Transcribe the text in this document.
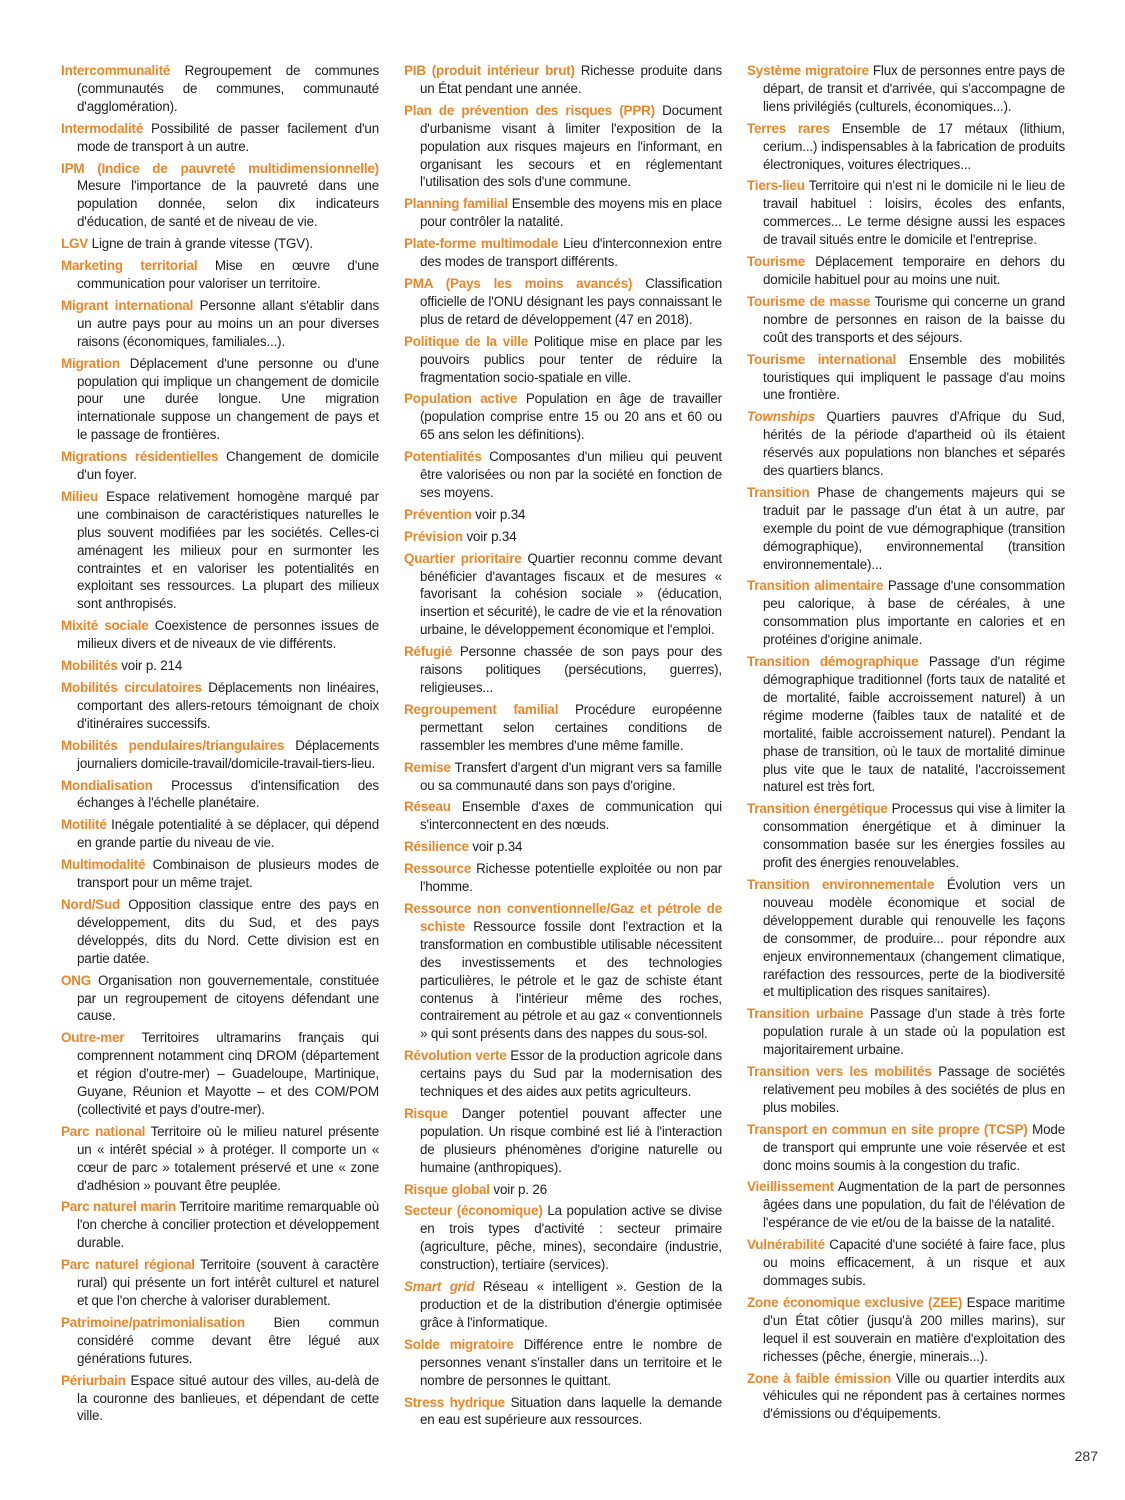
Intercommunalité Regroupement de communes (communautés de communes, communauté d'agglomération).

Intermodalité Possibilité de passer facilement d'un mode de transport à un autre.

IPM (Indice de pauvreté multidimensionnelle) Mesure l'importance de la pauvreté dans une population donnée, selon dix indicateurs d'éducation, de santé et de niveau de vie.

LGV Ligne de train à grande vitesse (TGV).

Marketing territorial Mise en œuvre d'une communication pour valoriser un territoire.

Migrant international Personne allant s'établir dans un autre pays pour au moins un an pour diverses raisons (économiques, familiales...).

Migration Déplacement d'une personne ou d'une population qui implique un changement de domicile pour une durée longue. Une migration internationale suppose un changement de pays et le passage de frontières.

Migrations résidentielles Changement de domicile d'un foyer.

Milieu Espace relativement homogène marqué par une combinaison de caractéristiques naturelles le plus souvent modifiées par les sociétés. Celles-ci aménagent les milieux pour en surmonter les contraintes et en valoriser les potentialités en exploitant ses ressources. La plupart des milieux sont anthropisés.

Mixité sociale Coexistence de personnes issues de milieux divers et de niveaux de vie différents.

Mobilités voir p. 214

Mobilités circulatoires Déplacements non linéaires, comportant des allers-retours témoignant de choix d'itinéraires successifs.

Mobilités pendulaires/triangulaires Déplacements journaliers domicile-travail/domicile-travail-tiers-lieu.

Mondialisation Processus d'intensification des échanges à l'échelle planétaire.

Motilité Inégale potentialité à se déplacer, qui dépend en grande partie du niveau de vie.

Multimodalité Combinaison de plusieurs modes de transport pour un même trajet.

Nord/Sud Opposition classique entre des pays en développement, dits du Sud, et des pays développés, dits du Nord. Cette division est en partie datée.

ONG Organisation non gouvernementale, constituée par un regroupement de citoyens défendant une cause.

Outre-mer Territoires ultramarins français qui comprennent notamment cinq DROM (département et région d'outre-mer) – Guadeloupe, Martinique, Guyane, Réunion et Mayotte – et des COM/POM (collectivité et pays d'outre-mer).

Parc national Territoire où le milieu naturel présente un « intérêt spécial » à protéger. Il comporte un « cœur de parc » totalement préservé et une « zone d'adhésion » pouvant être peuplée.

Parc naturel marin Territoire maritime remarquable où l'on cherche à concilier protection et développement durable.

Parc naturel régional Territoire (souvent à caractère rural) qui présente un fort intérêt culturel et naturel et que l'on cherche à valoriser durablement.

Patrimoine/patrimonialisation Bien commun considéré comme devant être légué aux générations futures.

Périurbain Espace situé autour des villes, au-delà de la couronne des banlieues, et dépendant de cette ville.

PIB (produit intérieur brut) Richesse produite dans un État pendant une année.

Plan de prévention des risques (PPR) Document d'urbanisme visant à limiter l'exposition de la population aux risques majeurs en l'informant, en organisant les secours et en réglementant l'utilisation des sols d'une commune.

Planning familial Ensemble des moyens mis en place pour contrôler la natalité.

Plate-forme multimodale Lieu d'interconnexion entre des modes de transport différents.

PMA (Pays les moins avancés) Classification officielle de l'ONU désignant les pays connaissant le plus de retard de développement (47 en 2018).

Politique de la ville Politique mise en place par les pouvoirs publics pour tenter de réduire la fragmentation socio-spatiale en ville.

Population active Population en âge de travailler (population comprise entre 15 ou 20 ans et 60 ou 65 ans selon les définitions).

Potentialités Composantes d'un milieu qui peuvent être valorisées ou non par la société en fonction de ses moyens.

Prévention voir p.34

Prévision voir p.34

Quartier prioritaire Quartier reconnu comme devant bénéficier d'avantages fiscaux et de mesures « favorisant la cohésion sociale » (éducation, insertion et sécurité), le cadre de vie et la rénovation urbaine, le développement économique et l'emploi.

Réfugié Personne chassée de son pays pour des raisons politiques (persécutions, guerres), religieuses...

Regroupement familial Procédure européenne permettant selon certaines conditions de rassembler les membres d'une même famille.

Remise Transfert d'argent d'un migrant vers sa famille ou sa communauté dans son pays d'origine.

Réseau Ensemble d'axes de communication qui s'interconnectent en des nœuds.

Résilience voir p.34

Ressource Richesse potentielle exploitée ou non par l'homme.

Ressource non conventionnelle/Gaz et pétrole de schiste Ressource fossile dont l'extraction et la transformation en combustible utilisable nécessitent des investissements et des technologies particulières, le pétrole et le gaz de schiste étant contenus à l'intérieur même des roches, contrairement au pétrole et au gaz « conventionnels » qui sont présents dans des nappes du sous-sol.

Révolution verte Essor de la production agricole dans certains pays du Sud par la modernisation des techniques et des aides aux petits agriculteurs.

Risque Danger potentiel pouvant affecter une population. Un risque combiné est lié à l'interaction de plusieurs phénomènes d'origine naturelle ou humaine (anthropiques).

Risque global voir p. 26

Secteur (économique) La population active se divise en trois types d'activité : secteur primaire (agriculture, pêche, mines), secondaire (industrie, construction), tertiaire (services).

Smart grid Réseau « intelligent ». Gestion de la production et de la distribution d'énergie optimisée grâce à l'informatique.

Solde migratoire Différence entre le nombre de personnes venant s'installer dans un territoire et le nombre de personnes le quittant.

Stress hydrique Situation dans laquelle la demande en eau est supérieure aux ressources.

Système migratoire Flux de personnes entre pays de départ, de transit et d'arrivée, qui s'accompagne de liens privilégiés (culturels, économiques...).

Terres rares Ensemble de 17 métaux (lithium, cerium...) indispensables à la fabrication de produits électroniques, voitures électriques...

Tiers-lieu Territoire qui n'est ni le domicile ni le lieu de travail habituel : loisirs, écoles des enfants, commerces... Le terme désigne aussi les espaces de travail situés entre le domicile et l'entreprise.

Tourisme Déplacement temporaire en dehors du domicile habituel pour au moins une nuit.

Tourisme de masse Tourisme qui concerne un grand nombre de personnes en raison de la baisse du coût des transports et des séjours.

Tourisme international Ensemble des mobilités touristiques qui impliquent le passage d'au moins une frontière.

Townships Quartiers pauvres d'Afrique du Sud, hérités de la période d'apartheid où ils étaient réservés aux populations non blanches et séparés des quartiers blancs.

Transition Phase de changements majeurs qui se traduit par le passage d'un état à un autre, par exemple du point de vue démographique (transition démographique), environnemental (transition environnementale)...

Transition alimentaire Passage d'une consommation peu calorique, à base de céréales, à une consommation plus importante en calories et en protéines d'origine animale.

Transition démographique Passage d'un régime démographique traditionnel (forts taux de natalité et de mortalité, faible accroissement naturel) à un régime moderne (faibles taux de natalité et de mortalité, faible accroissement naturel). Pendant la phase de transition, où le taux de mortalité diminue plus vite que le taux de natalité, l'accroissement naturel est très fort.

Transition énergétique Processus qui vise à limiter la consommation énergétique et à diminuer la consommation basée sur les énergies fossiles au profit des énergies renouvelables.

Transition environnementale Évolution vers un nouveau modèle économique et social de développement durable qui renouvelle les façons de consommer, de produire... pour répondre aux enjeux environnementaux (changement climatique, raréfaction des ressources, perte de la biodiversité et multiplication des risques sanitaires).

Transition urbaine Passage d'un stade à très forte population rurale à un stade où la population est majoritairement urbaine.

Transition vers les mobilités Passage de sociétés relativement peu mobiles à des sociétés de plus en plus mobiles.

Transport en commun en site propre (TCSP) Mode de transport qui emprunte une voie réservée et est donc moins soumis à la congestion du trafic.

Vieillissement Augmentation de la part de personnes âgées dans une population, du fait de l'élévation de l'espérance de vie et/ou de la baisse de la natalité.

Vulnérabilité Capacité d'une société à faire face, plus ou moins efficacement, à un risque et aux dommages subis.

Zone économique exclusive (ZEE) Espace maritime d'un État côtier (jusqu'à 200 milles marins), sur lequel il est souverain en matière d'exploitation des richesses (pêche, énergie, minerais...).

Zone à faible émission Ville ou quartier interdits aux véhicules qui ne répondent pas à certaines normes d'émissions ou d'équipements.

287
